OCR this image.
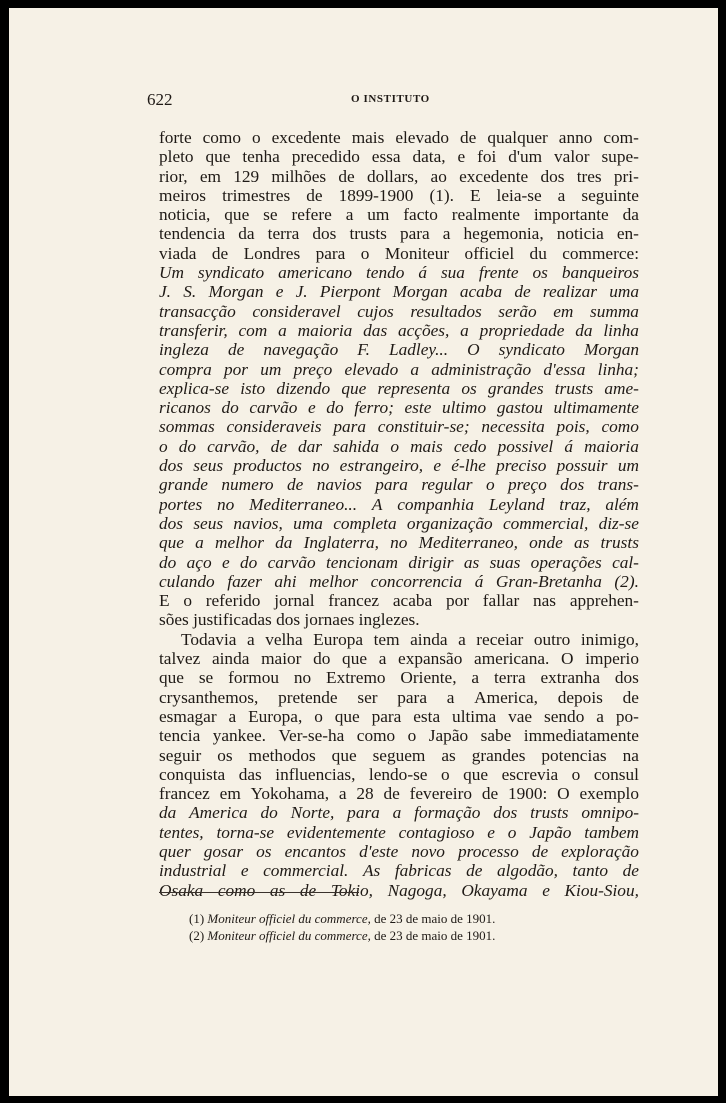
622	O INSTITUTO
forte como o excedente mais elevado de qualquer anno com-
pleto que tenha precedido essa data, e foi d'um valor supe-
rior, em 129 milhões de dollars, ao excedente dos tres pri-
meiros trimestres de 1899-1900 (1). E leia-se a seguinte
noticia, que se refere a um facto realmente importante da
tendencia da terra dos trusts para a hegemonia, noticia en-
viada de Londres para o Moniteur officiel du commerce:
Um syndicato americano tendo á sua frente os banqueiros
J. S. Morgan e J. Pierpont Morgan acaba de realizar uma
transacção consideravel cujos resultados serão em summa
transferir, com a maioria das acções, a propriedade da linha
ingleza de navegação F. Ladley... O syndicato Morgan
compra por um preço elevado a administração d'essa linha;
explica-se isto dizendo que representa os grandes trusts ame-
ricanos do carvão e do ferro; este ultimo gastou ultimamente
sommas consideraveis para constituir-se; necessita pois, como
o do carvão, de dar sahida o mais cedo possivel á maioria
dos seus productos no estrangeiro, e é-lhe preciso possuir um
grande numero de navios para regular o preço dos trans-
portes no Mediterraneo... A companhia Leyland traz, além
dos seus navios, uma completa organização commercial, diz-se
que a melhor da Inglaterra, no Mediterraneo, onde as trusts
do aço e do carvão tencionam dirigir as suas operações cal-
culando fazer ahi melhor concorrencia á Gran-Bretanha (2).
E o referido jornal francez acaba por fallar nas apprehen-
sões justificadas dos jornaes inglezes.
Todavia a velha Europa tem ainda a receiar outro inimigo,
talvez ainda maior do que a expansão americana. O imperio
que se formou no Extremo Oriente, a terra extranha dos
crysanthemos, pretende ser para a America, depois de
esmagar a Europa, o que para esta ultima vae sendo a po-
tencia yankee. Ver-se-ha como o Japão sabe immediatamente
seguir os methodos que seguem as grandes potencias na
conquista das influencias, lendo-se o que escrevia o consul
francez em Yokohama, a 28 de fevereiro de 1900: O exemplo
da America do Norte, para a formação dos trusts omnipo-
tentes, torna-se evidentemente contagioso e o Japão tambem
quer gosar os encantos d'este novo processo de exploração
industrial e commercial. As fabricas de algodão, tanto de
Osaka como as de Tokio, Nagoga, Okayama e Kiou-Siou,
(1) Moniteur officiel du commerce, de 23 de maio de 1901.
(2) Moniteur officiel du commerce, de 23 de maio de 1901.
